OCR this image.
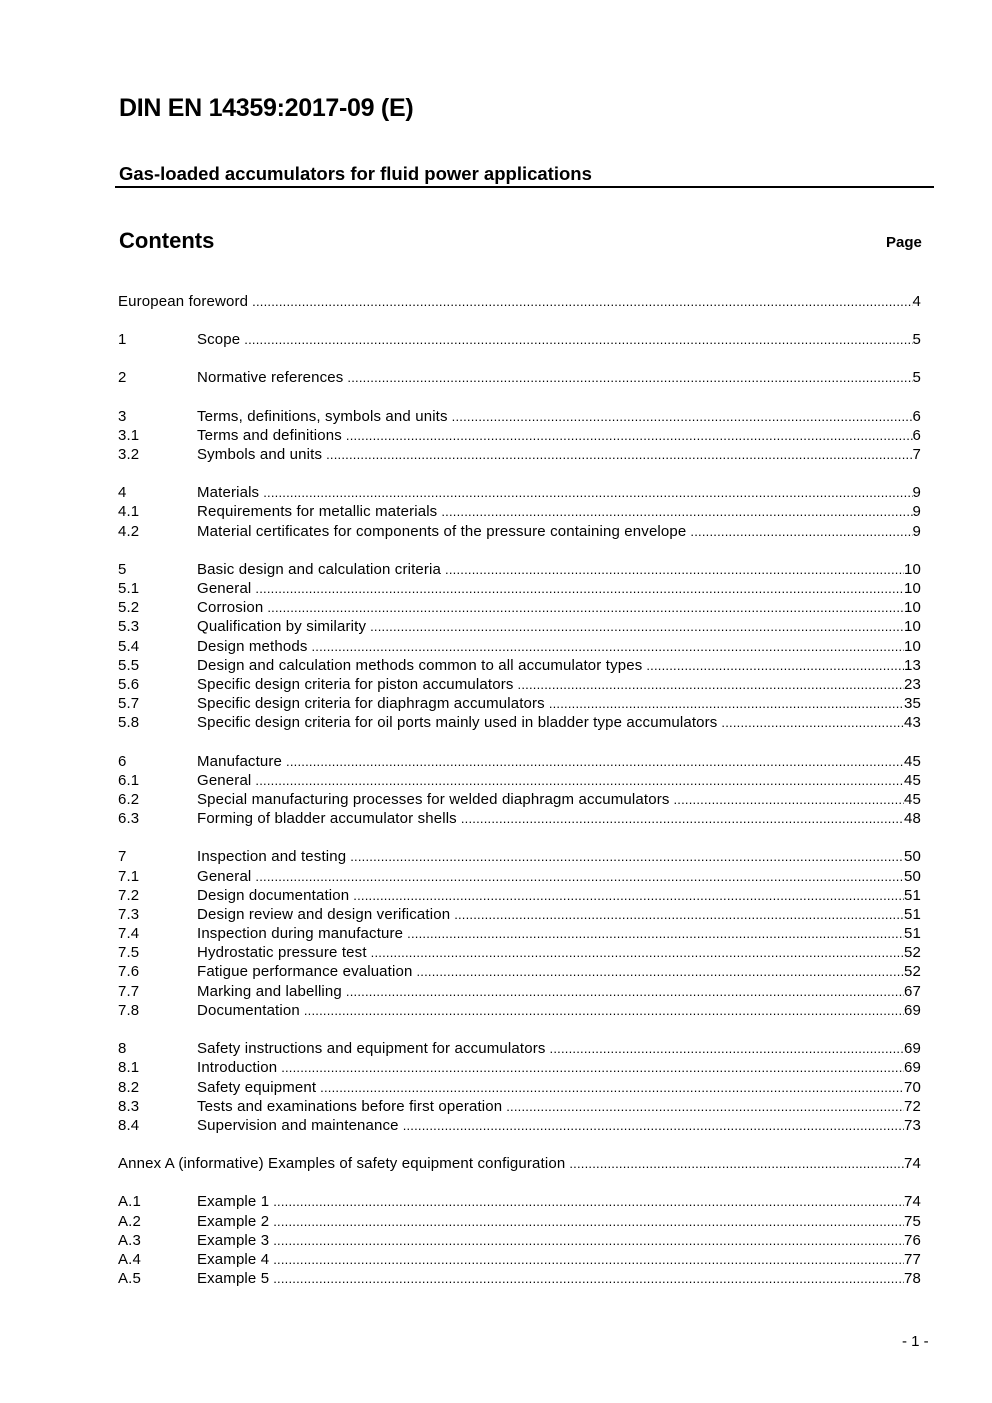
DIN EN 14359:2017-09 (E)
Gas-loaded accumulators for fluid power applications
Contents	Page
European foreword .....	4
1	Scope .....	5
2	Normative references .....	5
3	Terms, definitions, symbols and units .....	6
3.1	Terms and definitions .....	6
3.2	Symbols and units .....	7
4	Materials .....	9
4.1	Requirements for metallic materials .....	9
4.2	Material certificates for components of the pressure containing envelope .....	9
5	Basic design and calculation criteria .....	10
5.1	General .....	10
5.2	Corrosion .....	10
5.3	Qualification by similarity .....	10
5.4	Design methods .....	10
5.5	Design and calculation methods common to all accumulator types .....	13
5.6	Specific design criteria for piston accumulators .....	23
5.7	Specific design criteria for diaphragm accumulators .....	35
5.8	Specific design criteria for oil ports mainly used in bladder type accumulators .....	43
6	Manufacture .....	45
6.1	General .....	45
6.2	Special manufacturing processes for welded diaphragm accumulators .....	45
6.3	Forming of bladder accumulator shells .....	48
7	Inspection and testing .....	50
7.1	General .....	50
7.2	Design documentation .....	51
7.3	Design review and design verification .....	51
7.4	Inspection during manufacture .....	51
7.5	Hydrostatic pressure test .....	52
7.6	Fatigue performance evaluation .....	52
7.7	Marking and labelling .....	67
7.8	Documentation .....	69
8	Safety instructions and equipment for accumulators .....	69
8.1	Introduction .....	69
8.2	Safety equipment .....	70
8.3	Tests and examinations before first operation .....	72
8.4	Supervision and maintenance .....	73
Annex A (informative) Examples of safety equipment configuration .....	74
A.1	Example 1 .....	74
A.2	Example 2 .....	75
A.3	Example 3 .....	76
A.4	Example 4 .....	77
A.5	Example 5 .....	78
- 1 -
